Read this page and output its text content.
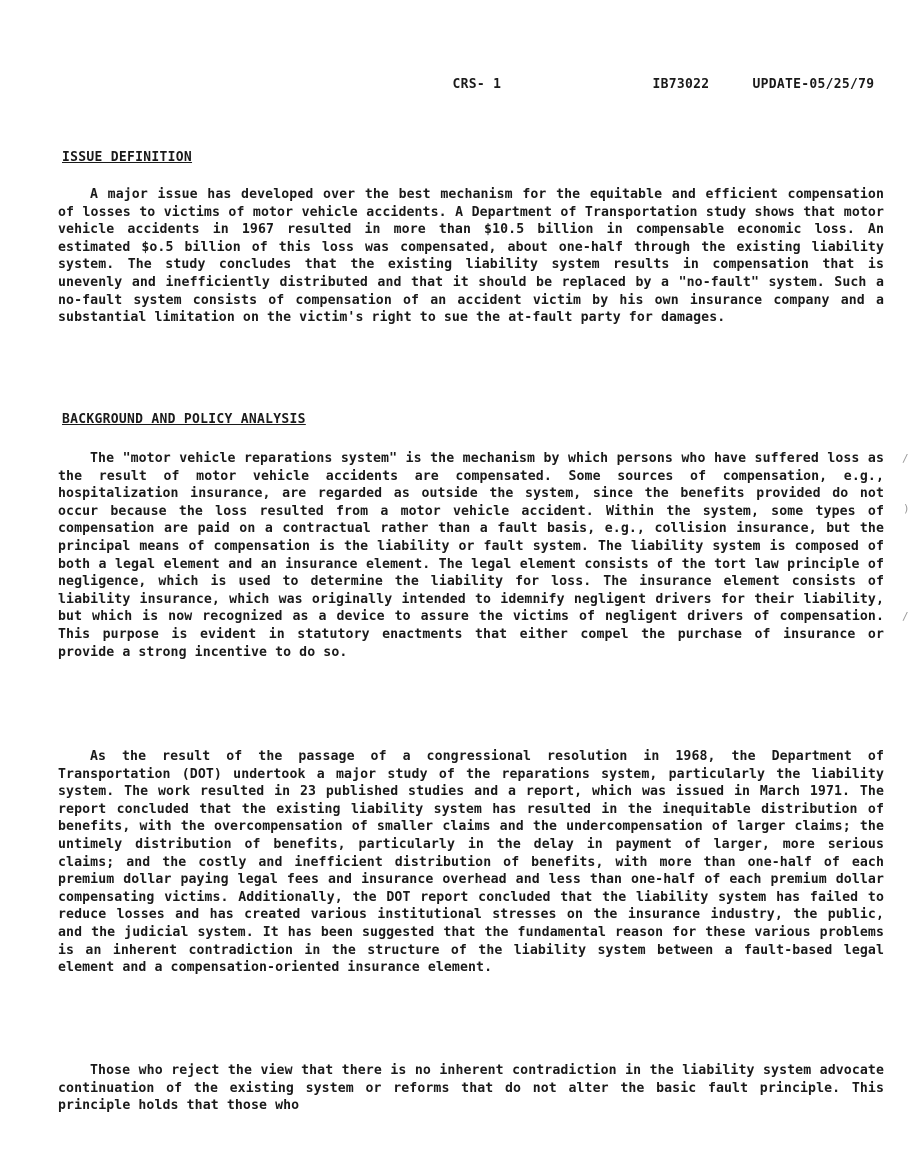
CRS- 1	IB73022	UPDATE-05/25/79

ISSUE DEFINITION

A major issue has developed over the best mechanism for the equitable and efficient compensation of losses to victims of motor vehicle accidents. A Department of Transportation study shows that motor vehicle accidents in 1967 resulted in more than $10.5 billion in compensable economic loss. An estimated $o.5 billion of this loss was compensated, about one-half through the existing liability system. The study concludes that the existing liability system results in compensation that is unevenly and inefficiently distributed and that it should be replaced by a "no-fault" system. Such a no-fault system consists of compensation of an accident victim by his own insurance company and a substantial limitation on the victim's right to sue the at-fault party for damages.

BACKGROUND AND POLICY ANALYSIS

The "motor vehicle reparations system" is the mechanism by which persons who have suffered loss as the result of motor vehicle accidents are compensated. Some sources of compensation, e.g., hospitalization insurance, are regarded as outside the system, since the benefits provided do not occur because the loss resulted from a motor vehicle accident. Within the system, some types of compensation are paid on a contractual rather than a fault basis, e.g., collision insurance, but the principal means of compensation is the liability or fault system. The liability system is composed of both a legal element and an insurance element. The legal element consists of the tort law principle of negligence, which is used to determine the liability for loss. The insurance element consists of liability insurance, which was originally intended to idemnify negligent drivers for their liability, but which is now recognized as a device to assure the victims of negligent drivers of compensation. This purpose is evident in statutory enactments that either compel the purchase of insurance or provide a strong incentive to do so.

As the result of the passage of a congressional resolution in 1968, the Department of Transportation (DOT) undertook a major study of the reparations system, particularly the liability system. The work resulted in 23 published studies and a report, which was issued in March 1971. The report concluded that the existing liability system has resulted in the inequitable distribution of benefits, with the overcompensation of smaller claims and the undercompensation of larger claims; the untimely distribution of benefits, particularly in the delay in payment of larger, more serious claims; and the costly and inefficient distribution of benefits, with more than one-half of each premium dollar paying legal fees and insurance overhead and less than one-half of each premium dollar compensating victims. Additionally, the DOT report concluded that the liability system has failed to reduce losses and has created various institutional stresses on the insurance industry, the public, and the judicial system. It has been suggested that the fundamental reason for these various problems is an inherent contradiction in the structure of the liability system between a fault-based legal element and a compensation-oriented insurance element.

Those who reject the view that there is no inherent contradiction in the liability system advocate continuation of the existing system or reforms that do not alter the basic fault principle. This principle holds that those who

/
)
/
